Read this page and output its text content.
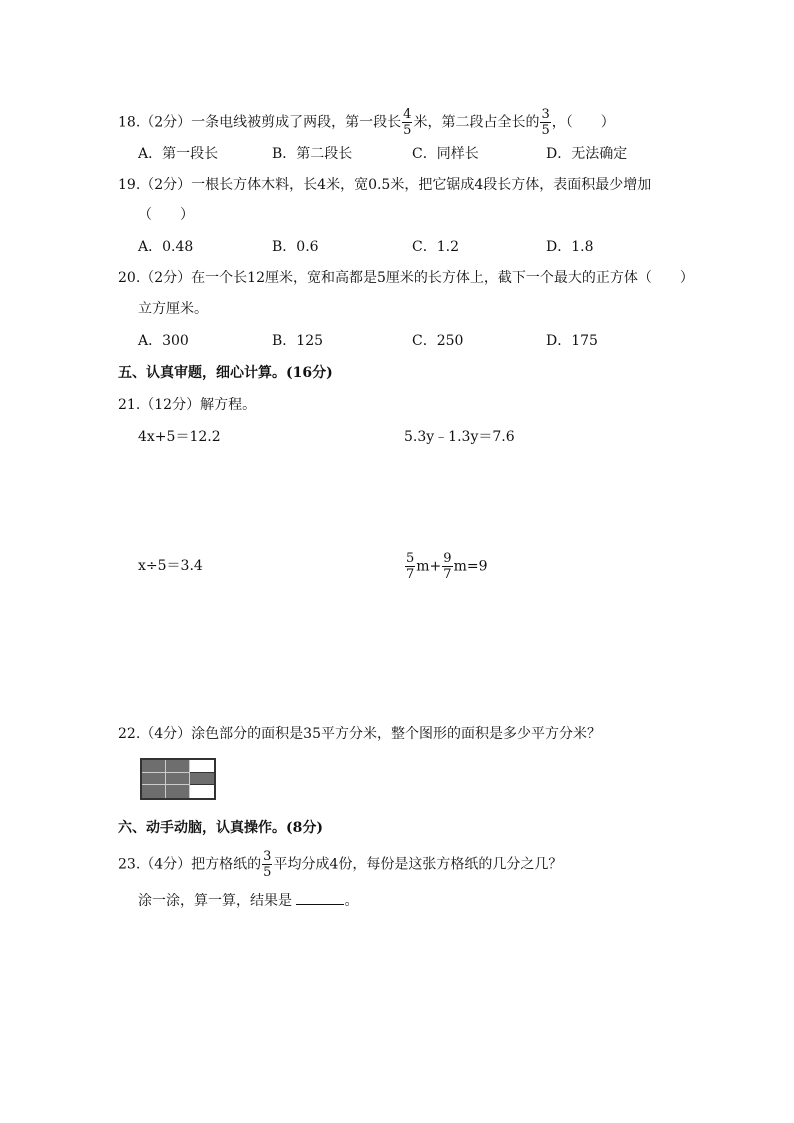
18.（2分）一条电线被剪成了两段，第一段长 $\frac{4}{5}$ 米，第二段占全长的 $\frac{3}{5}$ ，（　　）
A．第一段长	B．第二段长	C．同样长	D．无法确定
19.（2分）一根长方体木料，长4米，宽0.5米，把它锯成4段长方体，表面积最少增加
（　　）
A．0.48	B．0.6	C．1.2	D．1.8
20.（2分）在一个长12厘米，宽和高都是5厘米的长方体上，截下一个最大的正方体（　　）
立方厘米。
A．300	B．125	C．250	D．175
五、认真审题，细心计算。(16分)
21.（12分）解方程。
4x+5＝12.2	5.3y﹣1.3y＝7.6
x÷5＝3.4	$\frac{5}{7} m+ \frac{9}{7} m=9$
22.（4分）涂色部分的面积是35平方分米，整个图形的面积是多少平方分米？
六、动手动脑，认真操作。(8分)
23.（4分）把方格纸的 $\frac{3}{5}$ 平均分成4份，每份是这张方格纸的几分之几？
涂一涂，算一算，结果是	。
